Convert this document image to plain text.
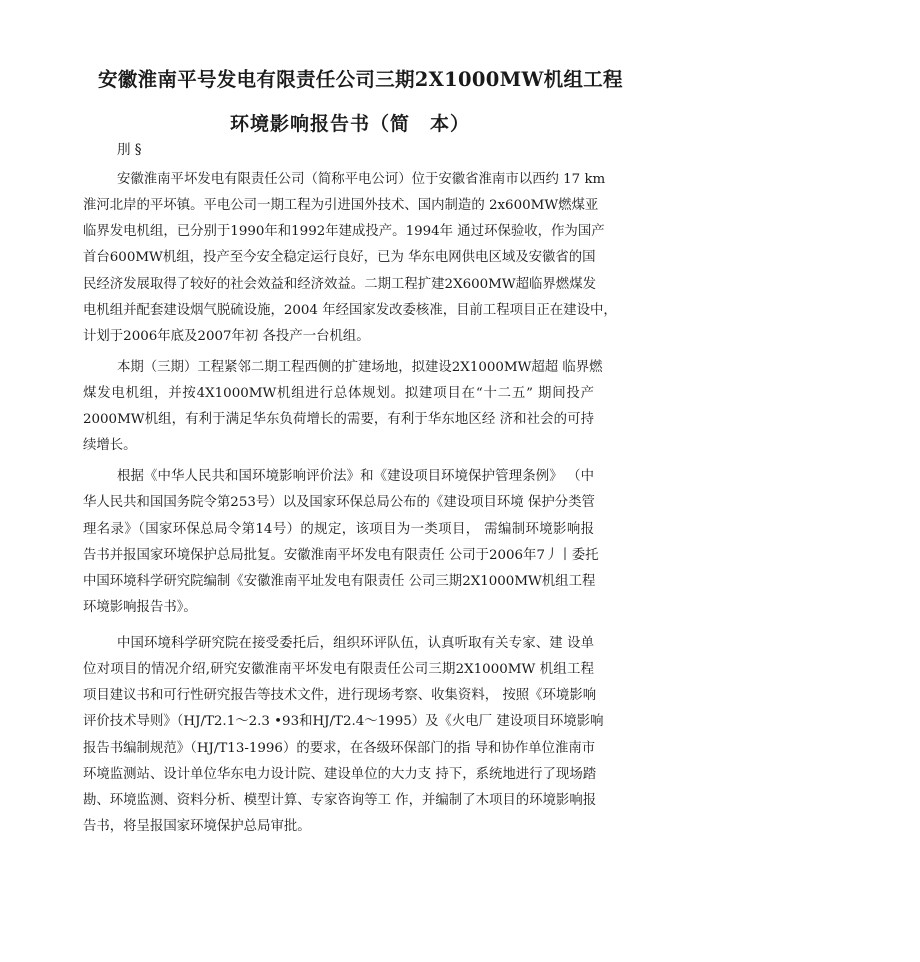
安徽淮南平号发电有限责任公司三期2X1000MW机组工程
环境影响报告书（简　本）
刖 §
安徽淮南平坏发电有限责任公司（简称平电公诃）位于安徽省淮南市以西约 17 km
淮河北岸的平坏镇。平电公司一期工程为引进国外技术、国内制造的 2x600MW燃煤亚
临界发电机组，已分别于1990年和1992年建成投产。1994年 通过环保验收，作为国产
首台600MW机组，投产至今安全稳定运行良好，已为 华东电网供电区域及安徽省的国
民经济发展取得了较好的社会效益和经济效益。二期工程扩建2X600MW超临界燃煤发
电机组并配套建设烟气脱硫设施，2004 年经国家发改委核准，目前工程项目正在建设中，
计划于2006年底及2007年初 各投产一台机组。
本期（三期）工程紧邻二期工程西侧的扩建场地，拟建设2X1000MW超超 临界燃
煤发电机组，并按4X1000MW机组进行总体规划。拟建项目在“十二五” 期间投产
2000MW机组，有利于满足华东负荷增长的需要，有利于华东地区经 济和社会的可持
续增长。
根据《中华人民共和国环境影响评价法》和《建设项目环境保护管理条例》 （中
华人民共和国国务院令第253号）以及国家环保总局公布的《建设项目环境 保护分类管
理名录》（国家环保总局令第14号）的规定，该项目为一类项目， 需编制环境影响报
告书并报国家环境保护总局批复。安徽淮南平坏发电有限责任 公司于2006年7丿丨委托
中国环境科学研究院编制《安徽淮南平址发电有限责任 公司三期2X1000MW机组工程
环境影响报告书》。
中国环境科学研究院在接受委托后，组织环评队伍，认真听取有关专家、建 设单
位对项目的情况介绍,研究安徽淮南平坏发电有限责任公司三期2X1000MW 机组工程
项目建议书和可行性研究报告等技术文件，进行现场考察、收集资料， 按照《环境影响
评价技术导则》（HJ/T2.1～2.3 •93和HJ/T2.4～1995）及《火电厂 建设项目环境影响
报告书编制规范》（HJ/T13-1996）的要求，在各级环保部门的指 导和协作单位淮南市
环境监测站、设计单位华东电力设计院、建设单位的大力支 持下，系统地进行了现场踏
勘、环境监测、资料分析、模型计算、专家咨询等工 作，并编制了木项目的环境影响报
告书，将呈报国家环境保护总局审批。
